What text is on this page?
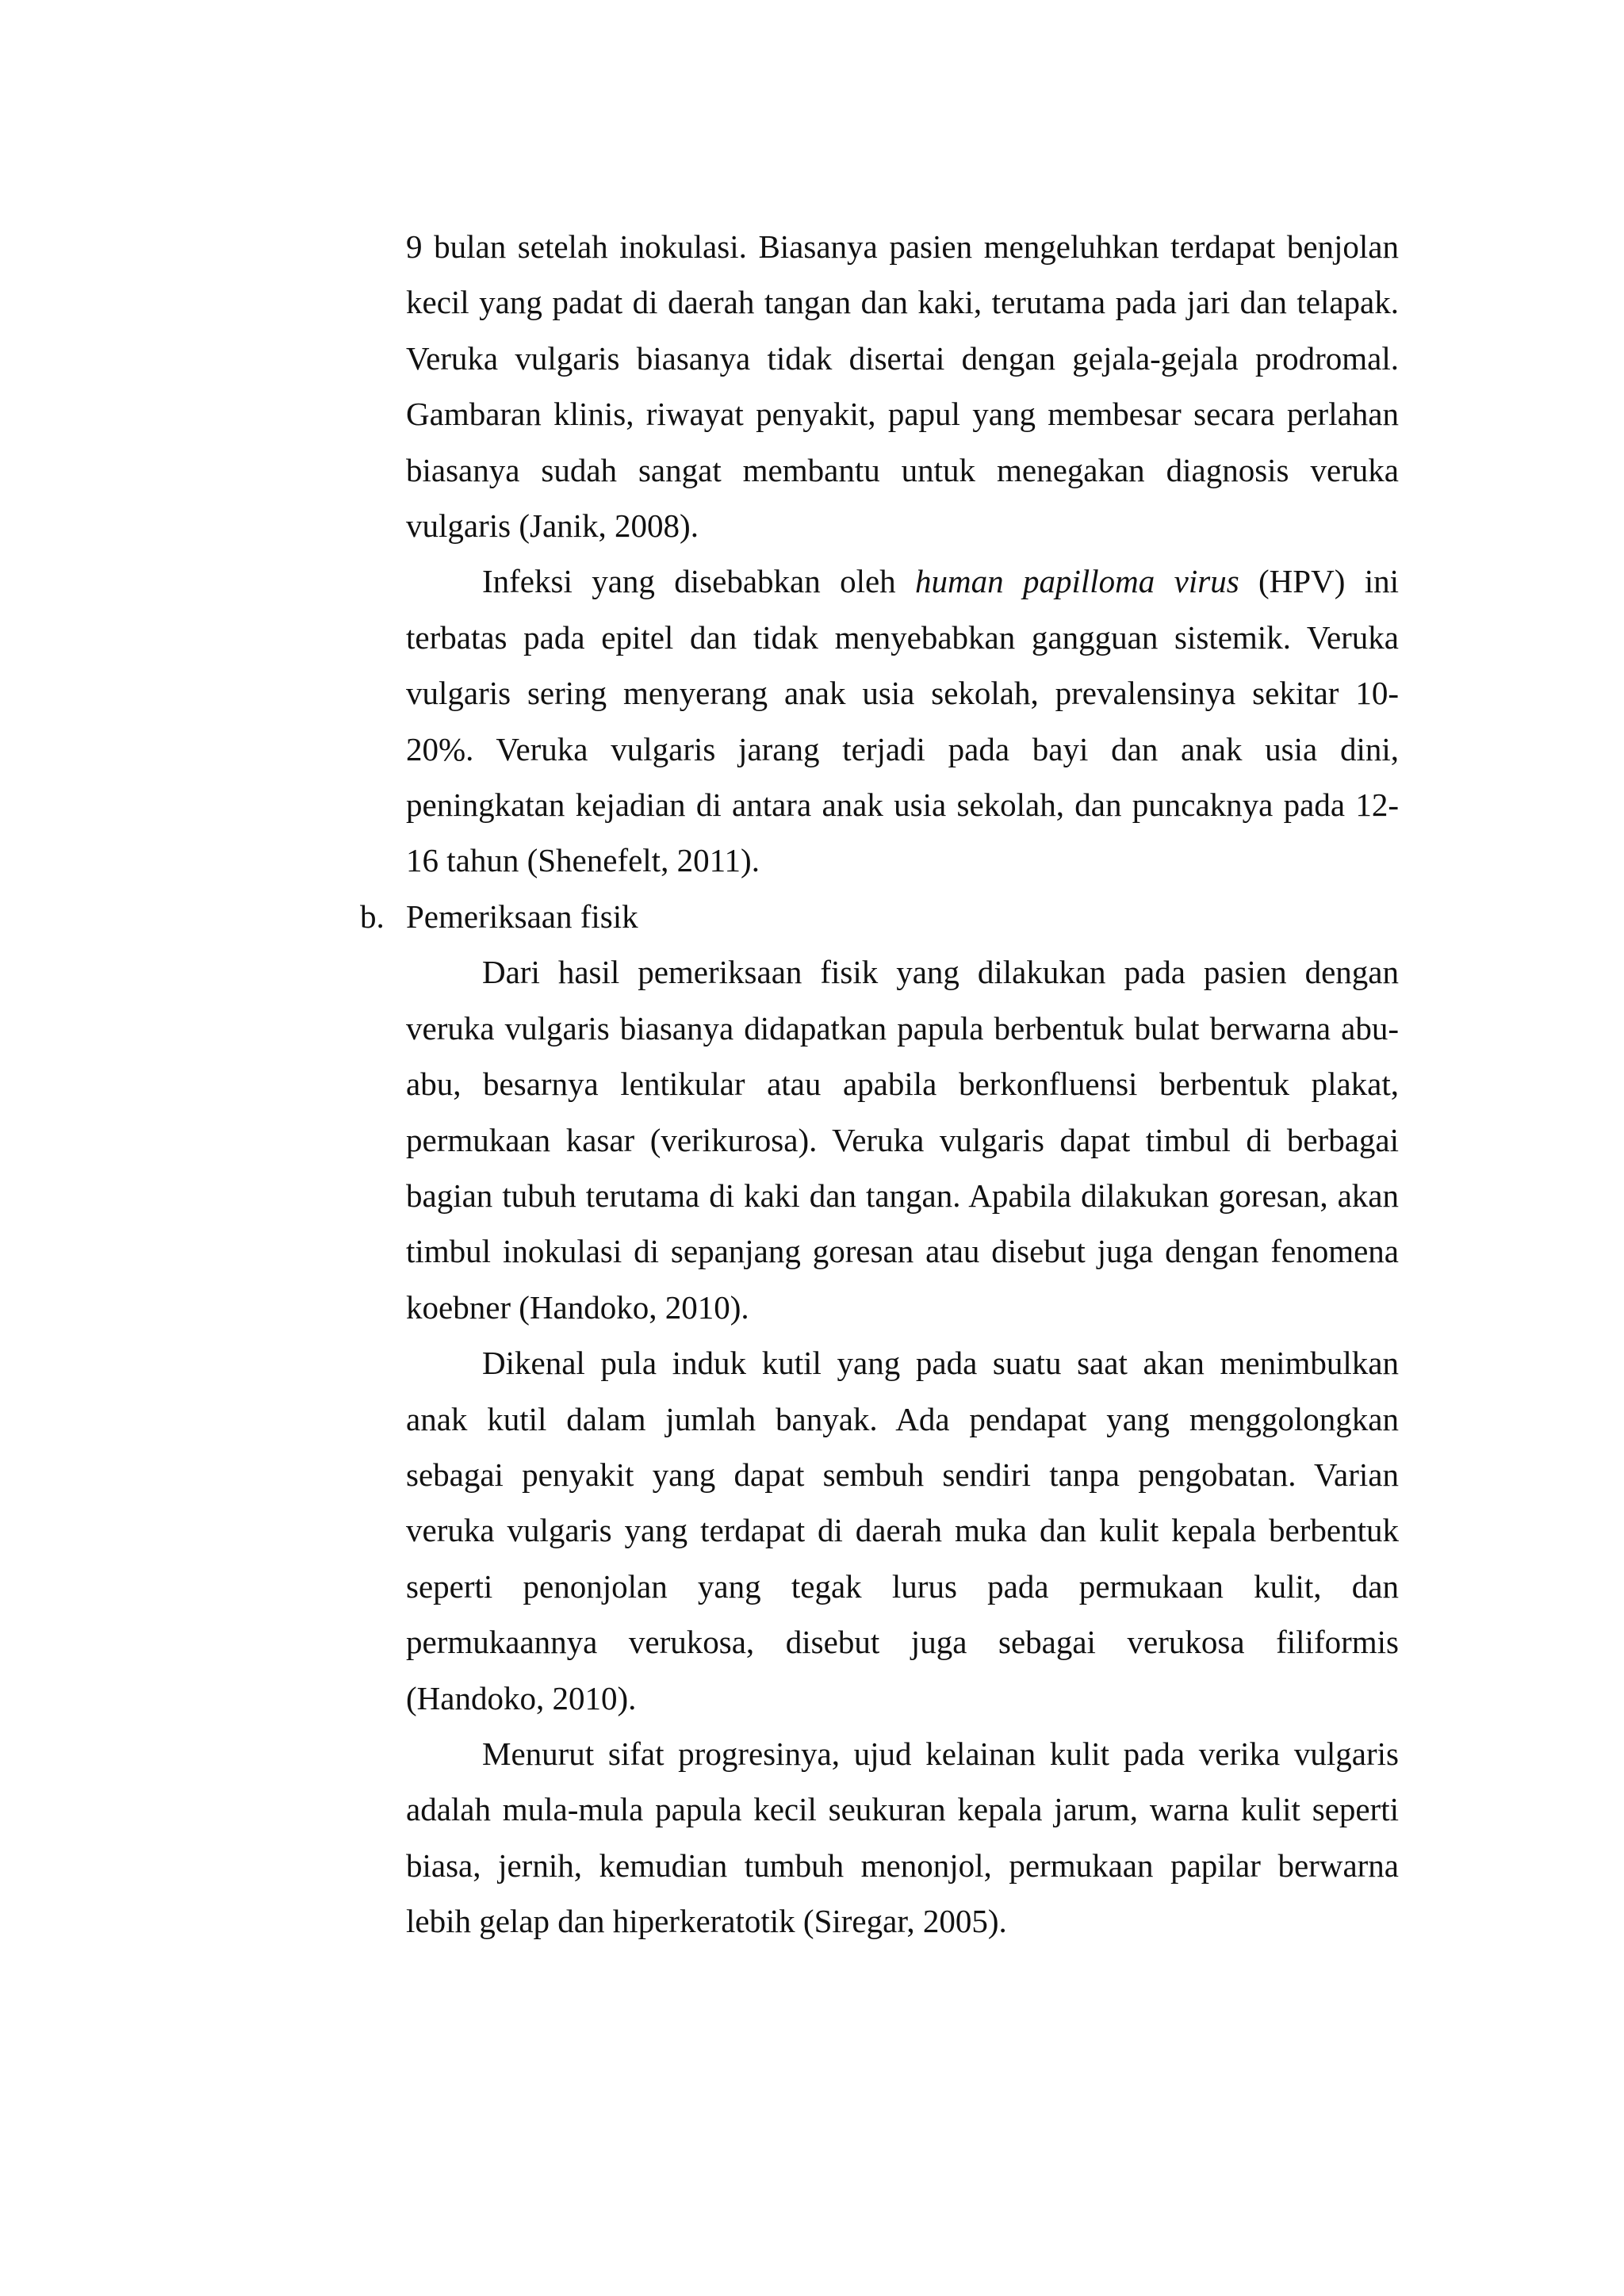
9 bulan setelah inokulasi. Biasanya pasien mengeluhkan terdapat benjolan kecil yang padat di daerah tangan dan kaki, terutama pada jari dan telapak. Veruka vulgaris biasanya tidak disertai dengan gejala-gejala prodromal. Gambaran klinis, riwayat penyakit, papul yang membesar secara perlahan biasanya sudah sangat membantu untuk menegakan diagnosis veruka vulgaris (Janik, 2008).

Infeksi yang disebabkan oleh human papilloma virus (HPV) ini terbatas pada epitel dan tidak menyebabkan gangguan sistemik. Veruka vulgaris sering menyerang anak usia sekolah, prevalensinya sekitar 10-20%. Veruka vulgaris jarang terjadi pada bayi dan anak usia dini, peningkatan kejadian di antara anak usia sekolah, dan puncaknya pada 12-16 tahun (Shenefelt, 2011).

b. Pemeriksaan fisik

Dari hasil pemeriksaan fisik yang dilakukan pada pasien dengan veruka vulgaris biasanya didapatkan papula berbentuk bulat berwarna abu-abu, besarnya lentikular atau apabila berkonfluensi berbentuk plakat, permukaan kasar (verikurosa). Veruka vulgaris dapat timbul di berbagai bagian tubuh terutama di kaki dan tangan. Apabila dilakukan goresan, akan timbul inokulasi di sepanjang goresan atau disebut juga dengan fenomena koebner (Handoko, 2010).

Dikenal pula induk kutil yang pada suatu saat akan menimbulkan anak kutil dalam jumlah banyak. Ada pendapat yang menggolongkan sebagai penyakit yang dapat sembuh sendiri tanpa pengobatan. Varian veruka vulgaris yang terdapat di daerah muka dan kulit kepala berbentuk seperti penonjolan yang tegak lurus pada permukaan kulit, dan permukaannya verukosa, disebut juga sebagai verukosa filiformis (Handoko, 2010).

Menurut sifat progresinya, ujud kelainan kulit pada verika vulgaris adalah mula-mula papula kecil seukuran kepala jarum, warna kulit seperti biasa, jernih, kemudian tumbuh menonjol, permukaan papilar berwarna lebih gelap dan hiperkeratotik (Siregar, 2005).
